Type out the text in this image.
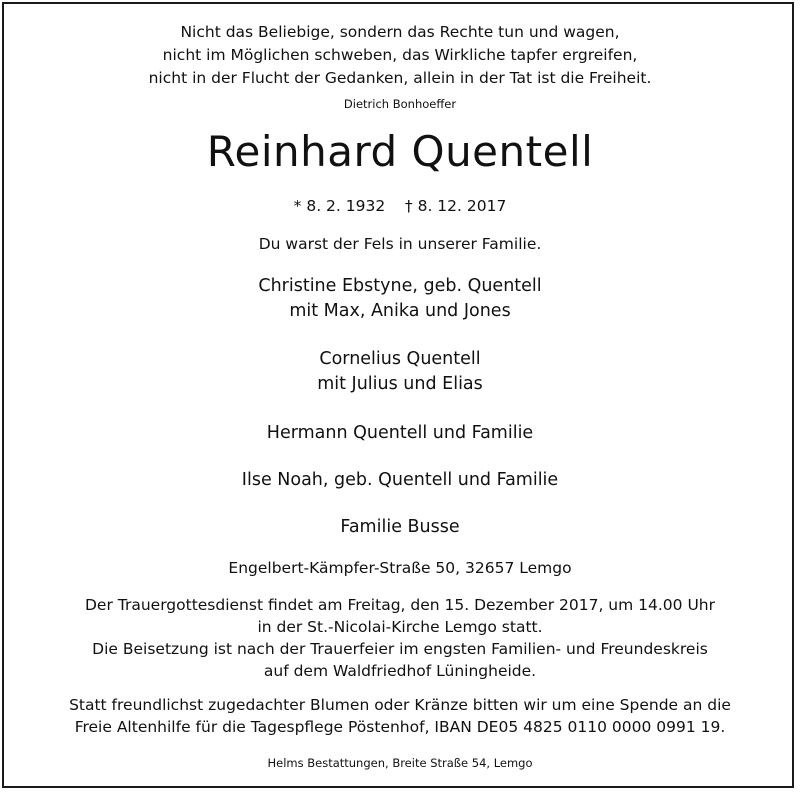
Nicht das Beliebige, sondern das Rechte tun und wagen,

nicht im Möglichen schweben, das Wirkliche tapfer ergreifen,

nicht in der Flucht der Gedanken, allein in der Tat ist die Freiheit.

Dietrich Bonhoeffer

Reinhard Quentell

* 8. 2. 1932    † 8. 12. 2017

Du warst der Fels in unserer Familie.

Christine Ebstyne, geb. Quentell

mit Max, Anika und Jones

Cornelius Quentell

mit Julius und Elias

Hermann Quentell und Familie

Ilse Noah, geb. Quentell und Familie

Familie Busse

Engelbert-Kämpfer-Straße 50, 32657 Lemgo

Der Trauergottesdienst findet am Freitag, den 15. Dezember 2017, um 14.00 Uhr

in der St.-Nicolai-Kirche Lemgo statt.

Die Beisetzung ist nach der Trauerfeier im engsten Familien- und Freundeskreis

auf dem Waldfriedhof Lüningheide.

Statt freundlichst zugedachter Blumen oder Kränze bitten wir um eine Spende an die

Freie Altenhilfe für die Tagespflege Pöstenhof, IBAN DE05 4825 0110 0000 0991 19.

Helms Bestattungen, Breite Straße 54, Lemgo
